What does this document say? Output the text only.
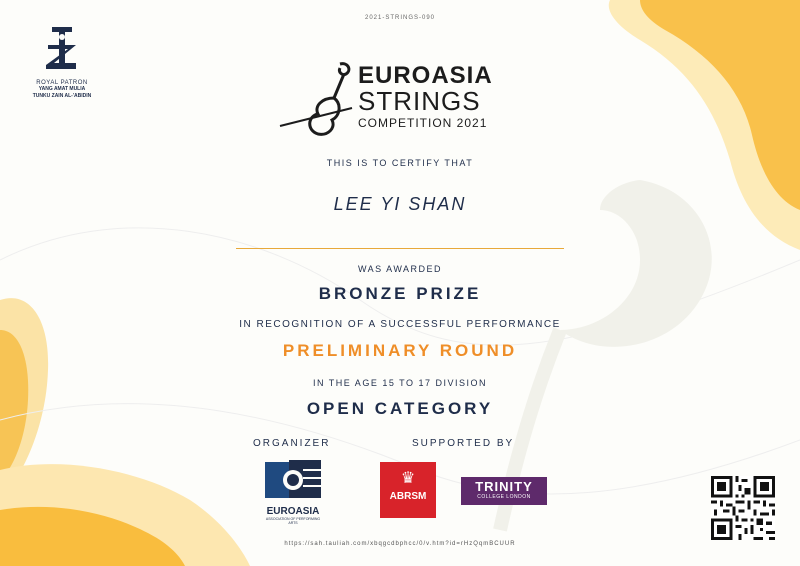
2021-STRINGS-090
ROYAL PATRON
YANG AMAT MULIA
TUNKU ZAIN AL-'ABIDIN
EUROASIA
STRINGS
COMPETITION 2021
THIS IS TO CERTIFY THAT
LEE YI SHAN
WAS AWARDED
BRONZE PRIZE
IN RECOGNITION OF A SUCCESSFUL PERFORMANCE
PRELIMINARY ROUND
IN THE AGE 15 TO 17 DIVISION
OPEN CATEGORY
ORGANIZER	SUPPORTED BY
EUROASIA
ASSOCIATION OF PERFORMING ARTS
♛
ABRSM
TRINITY
COLLEGE LONDON
https://sah.tauliah.com/xbqgcdbphcc/0/v.htm?id=rHzQqmBCUUR
